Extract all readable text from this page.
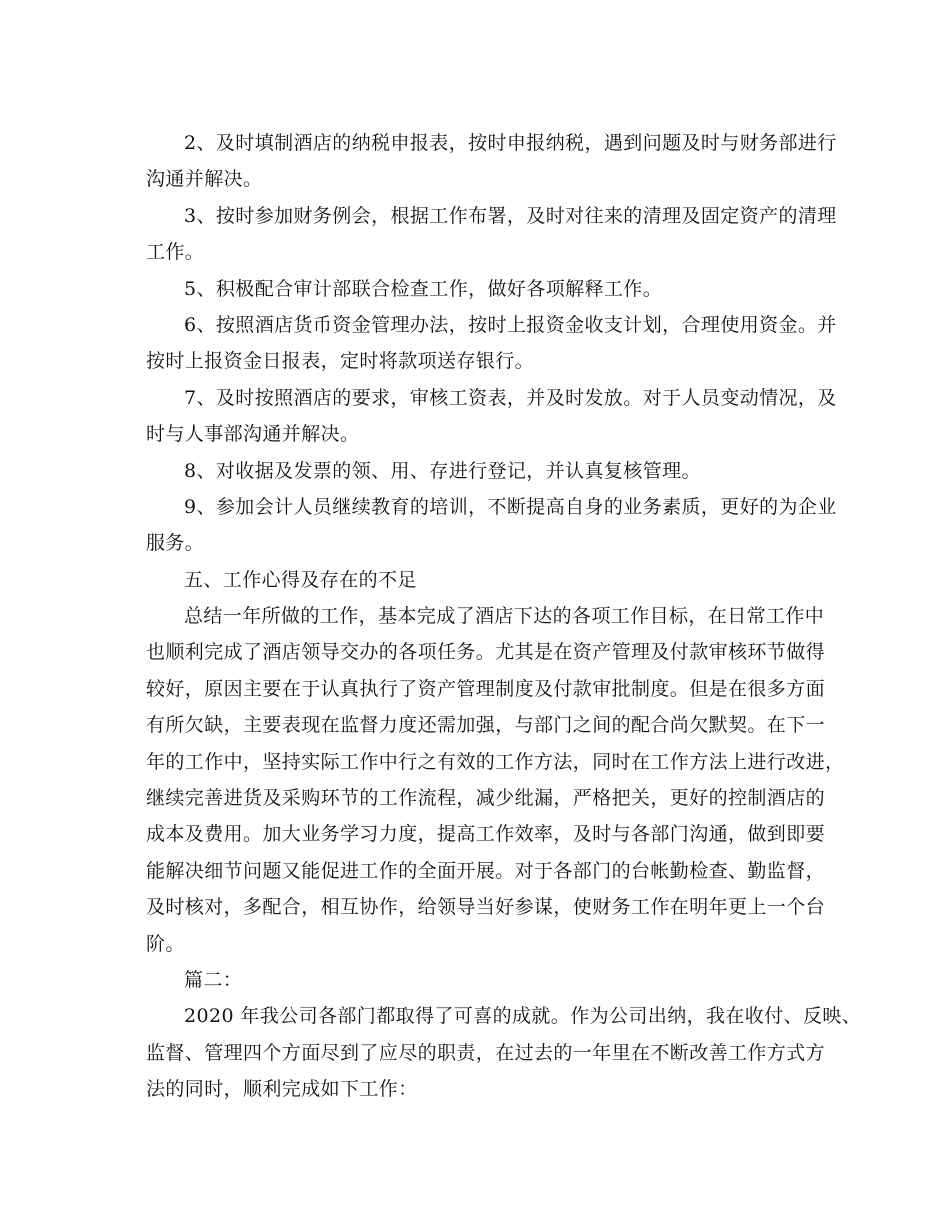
2、及时填制酒店的纳税申报表，按时申报纳税，遇到问题及时与财务部进行
沟通并解决。
3、按时参加财务例会，根据工作布署，及时对往来的清理及固定资产的清理
工作。
5、积极配合审计部联合检查工作，做好各项解释工作。
6、按照酒店货币资金管理办法，按时上报资金收支计划，合理使用资金。并
按时上报资金日报表，定时将款项送存银行。
7、及时按照酒店的要求，审核工资表，并及时发放。对于人员变动情况，及
时与人事部沟通并解决。
8、对收据及发票的领、用、存进行登记，并认真复核管理。
9、参加会计人员继续教育的培训，不断提高自身的业务素质，更好的为企业
服务。
五、工作心得及存在的不足
总结一年所做的工作，基本完成了酒店下达的各项工作目标，在日常工作中
也顺利完成了酒店领导交办的各项任务。尤其是在资产管理及付款审核环节做得
较好，原因主要在于认真执行了资产管理制度及付款审批制度。但是在很多方面
有所欠缺，主要表现在监督力度还需加强，与部门之间的配合尚欠默契。在下一
年的工作中，坚持实际工作中行之有效的工作方法，同时在工作方法上进行改进，
继续完善进货及采购环节的工作流程，减少纰漏，严格把关，更好的控制酒店的
成本及费用。加大业务学习力度，提高工作效率，及时与各部门沟通，做到即要
能解决细节问题又能促进工作的全面开展。对于各部门的台帐勤检查、勤监督，
及时核对，多配合，相互协作，给领导当好参谋，使财务工作在明年更上一个台
阶。
篇二：
2020 年我公司各部门都取得了可喜的成就。作为公司出纳，我在收付、反映、
监督、管理四个方面尽到了应尽的职责，在过去的一年里在不断改善工作方式方
法的同时，顺利完成如下工作：
